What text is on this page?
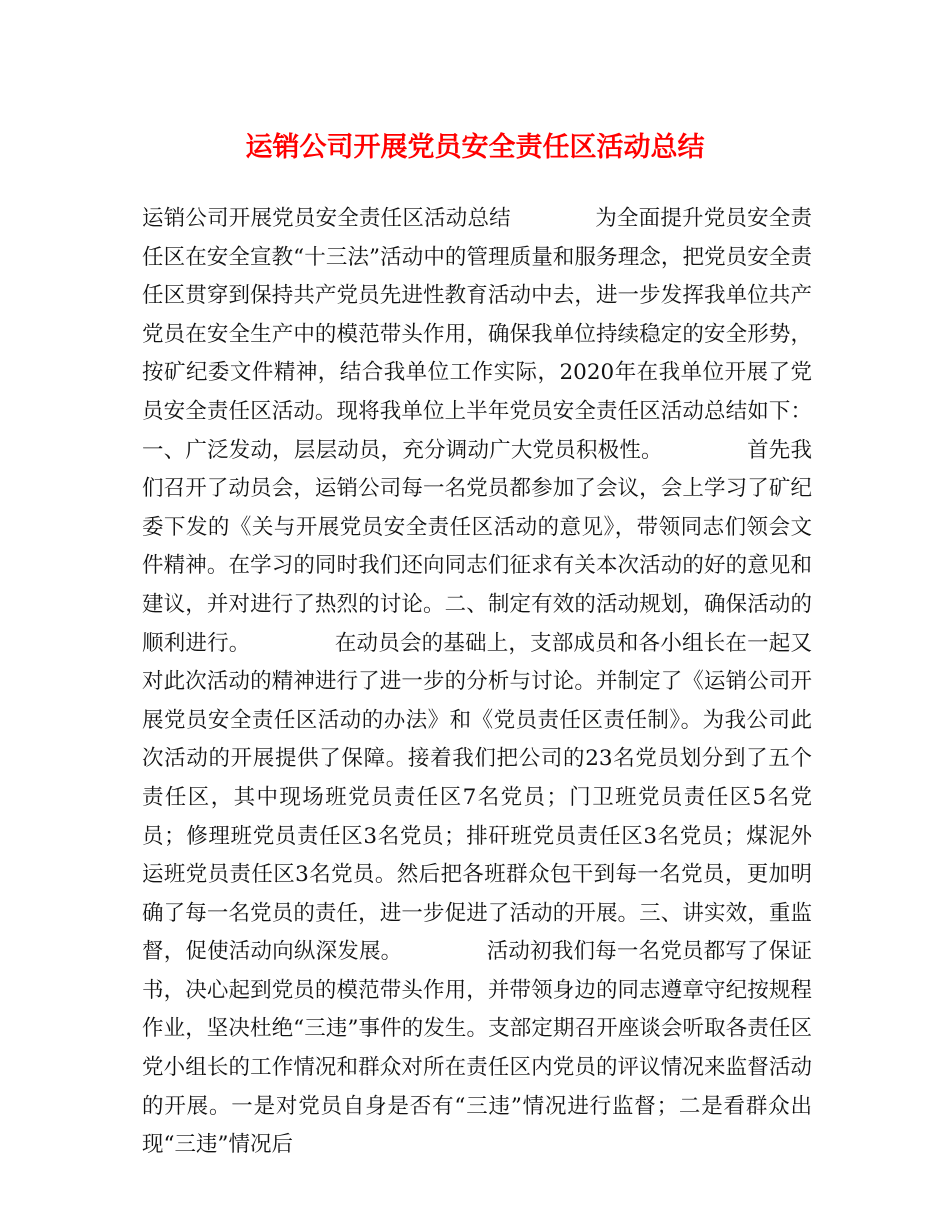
运销公司开展党员安全责任区活动总结

运销公司开展党员安全责任区活动总结            为全面提升党员安全责任区在安全宣教“十三法”活动中的管理质量和服务理念，把党员安全责任区贯穿到保持共产党员先进性教育活动中去，进一步发挥我单位共产党员在安全生产中的模范带头作用，确保我单位持续稳定的安全形势，按矿纪委文件精神，结合我单位工作实际，2020年在我单位开展了党员安全责任区活动。现将我单位上半年党员安全责任区活动总结如下：一、广泛发动，层层动员，充分调动广大党员积极性。            首先我们召开了动员会，运销公司每一名党员都参加了会议，会上学习了矿纪委下发的《关与开展党员安全责任区活动的意见》，带领同志们领会文件精神。在学习的同时我们还向同志们征求有关本次活动的好的意见和建议，并对进行了热烈的讨论。二、制定有效的活动规划，确保活动的顺利进行。            在动员会的基础上，支部成员和各小组长在一起又对此次活动的精神进行了进一步的分析与讨论。并制定了《运销公司开展党员安全责任区活动的办法》和《党员责任区责任制》。为我公司此次活动的开展提供了保障。接着我们把公司的23名党员划分到了五个责任区，其中现场班党员责任区7名党员；门卫班党员责任区5名党员；修理班党员责任区3名党员；排矸班党员责任区3名党员；煤泥外运班党员责任区3名党员。然后把各班群众包干到每一名党员，更加明确了每一名党员的责任，进一步促进了活动的开展。三、讲实效，重监督，促使活动向纵深发展。            活动初我们每一名党员都写了保证书，决心起到党员的模范带头作用，并带领身边的同志遵章守纪按规程作业，坚决杜绝“三违”事件的发生。支部定期召开座谈会听取各责任区党小组长的工作情况和群众对所在责任区内党员的评议情况来监督活动的开展。一是对党员自身是否有“三违”情况进行监督；二是看群众出现“三违”情况后
